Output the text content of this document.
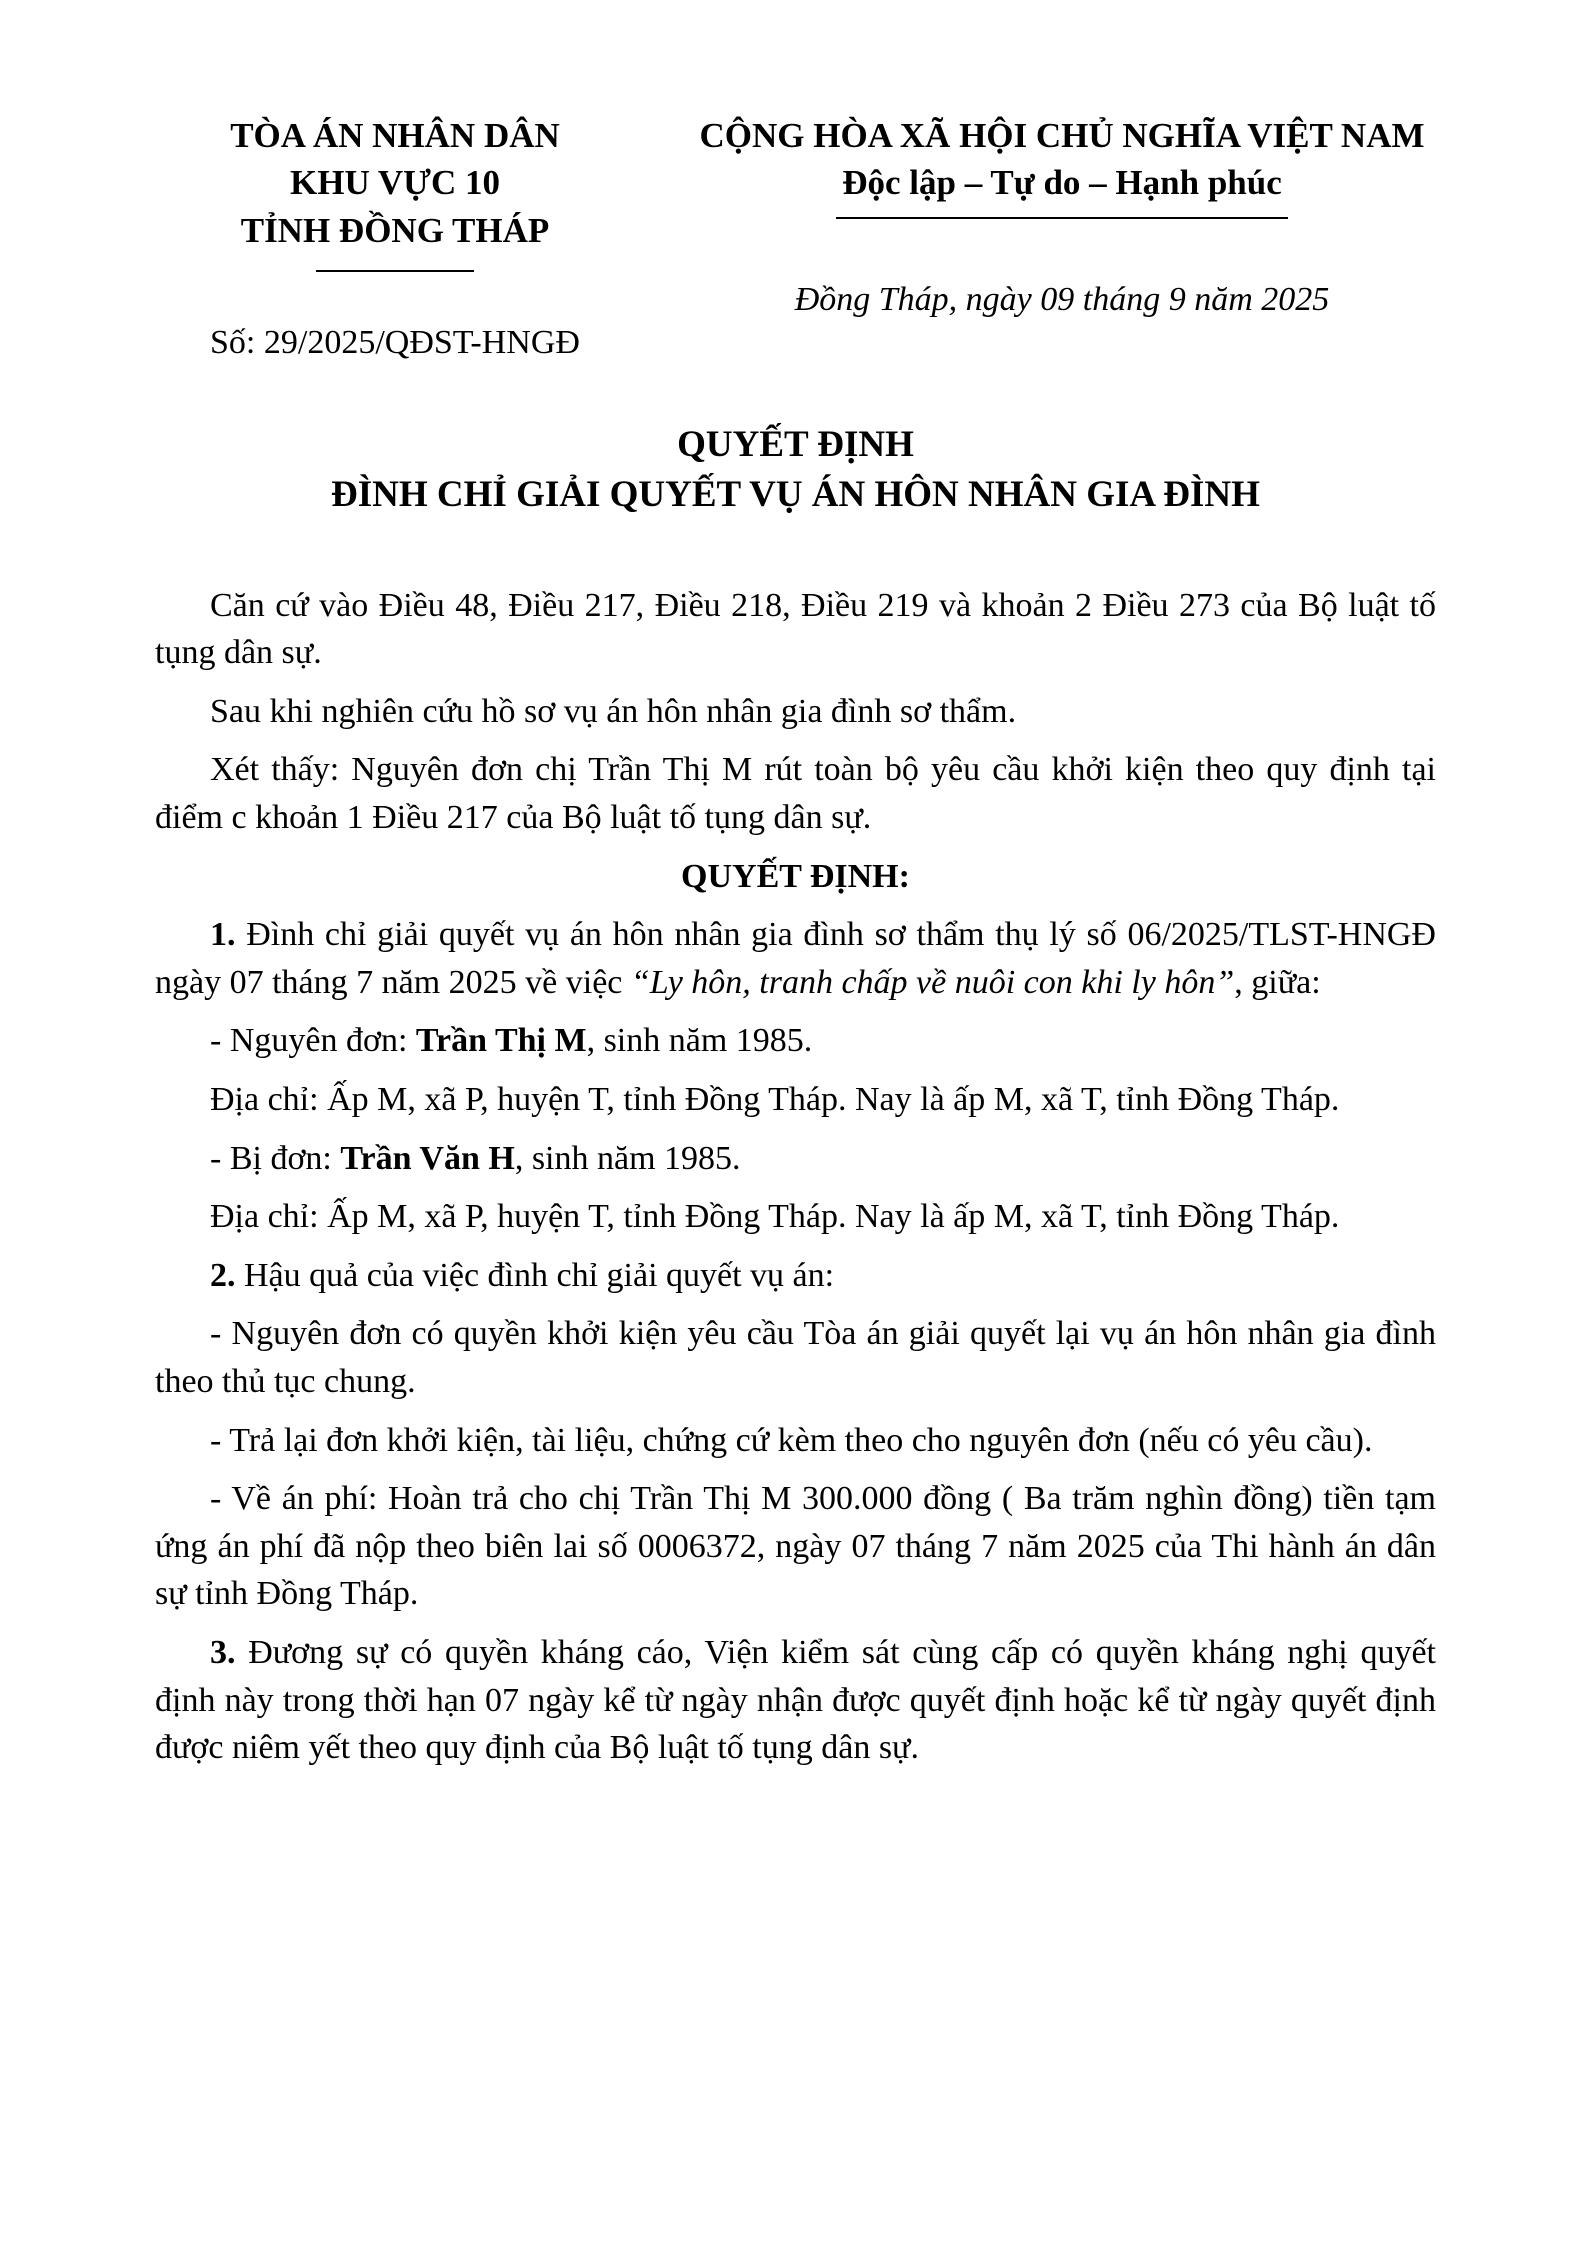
TÒA ÁN NHÂN DÂN
KHU VỰC 10
TỈNH ĐỒNG THÁP
Số: 29/2025/QĐST-HNGĐ
CỘNG HÒA XÃ HỘI CHỦ NGHĨA VIỆT NAM
Độc lập – Tự do – Hạnh phúc
Đồng Tháp, ngày 09 tháng 9 năm 2025
QUYẾT ĐỊNH
ĐÌNH CHỈ GIẢI QUYẾT VỤ ÁN HÔN NHÂN GIA ĐÌNH

Căn cứ vào Điều 48, Điều 217, Điều 218, Điều 219 và khoản 2 Điều 273 của Bộ luật tố tụng dân sự.

Sau khi nghiên cứu hồ sơ vụ án hôn nhân gia đình sơ thẩm.

Xét thấy: Nguyên đơn chị Trần Thị M rút toàn bộ yêu cầu khởi kiện theo quy định tại điểm c khoản 1 Điều 217 của Bộ luật tố tụng dân sự.

QUYẾT ĐỊNH:

1. Đình chỉ giải quyết vụ án hôn nhân gia đình sơ thẩm thụ lý số 06/2025/TLST-HNGĐ ngày 07 tháng 7 năm 2025 về việc “Ly hôn, tranh chấp về nuôi con khi ly hôn”, giữa:

- Nguyên đơn: Trần Thị M, sinh năm 1985.

Địa chỉ: Ấp M, xã P, huyện T, tỉnh Đồng Tháp. Nay là ấp M, xã T, tỉnh Đồng Tháp.

- Bị đơn: Trần Văn H, sinh năm 1985.

Địa chỉ: Ấp M, xã P, huyện T, tỉnh Đồng Tháp. Nay là ấp M, xã T, tỉnh Đồng Tháp.

2. Hậu quả của việc đình chỉ giải quyết vụ án:

- Nguyên đơn có quyền khởi kiện yêu cầu Tòa án giải quyết lại vụ án hôn nhân gia đình theo thủ tục chung.

- Trả lại đơn khởi kiện, tài liệu, chứng cứ kèm theo cho nguyên đơn (nếu có yêu cầu).

- Về án phí: Hoàn trả cho chị Trần Thị M 300.000 đồng ( Ba trăm nghìn đồng) tiền tạm ứng án phí đã nộp theo biên lai số 0006372, ngày 07 tháng 7 năm 2025 của Thi hành án dân sự tỉnh Đồng Tháp.

3. Đương sự có quyền kháng cáo, Viện kiểm sát cùng cấp có quyền kháng nghị quyết định này trong thời hạn 07 ngày kể từ ngày nhận được quyết định hoặc kể từ ngày quyết định được niêm yết theo quy định của Bộ luật tố tụng dân sự.
